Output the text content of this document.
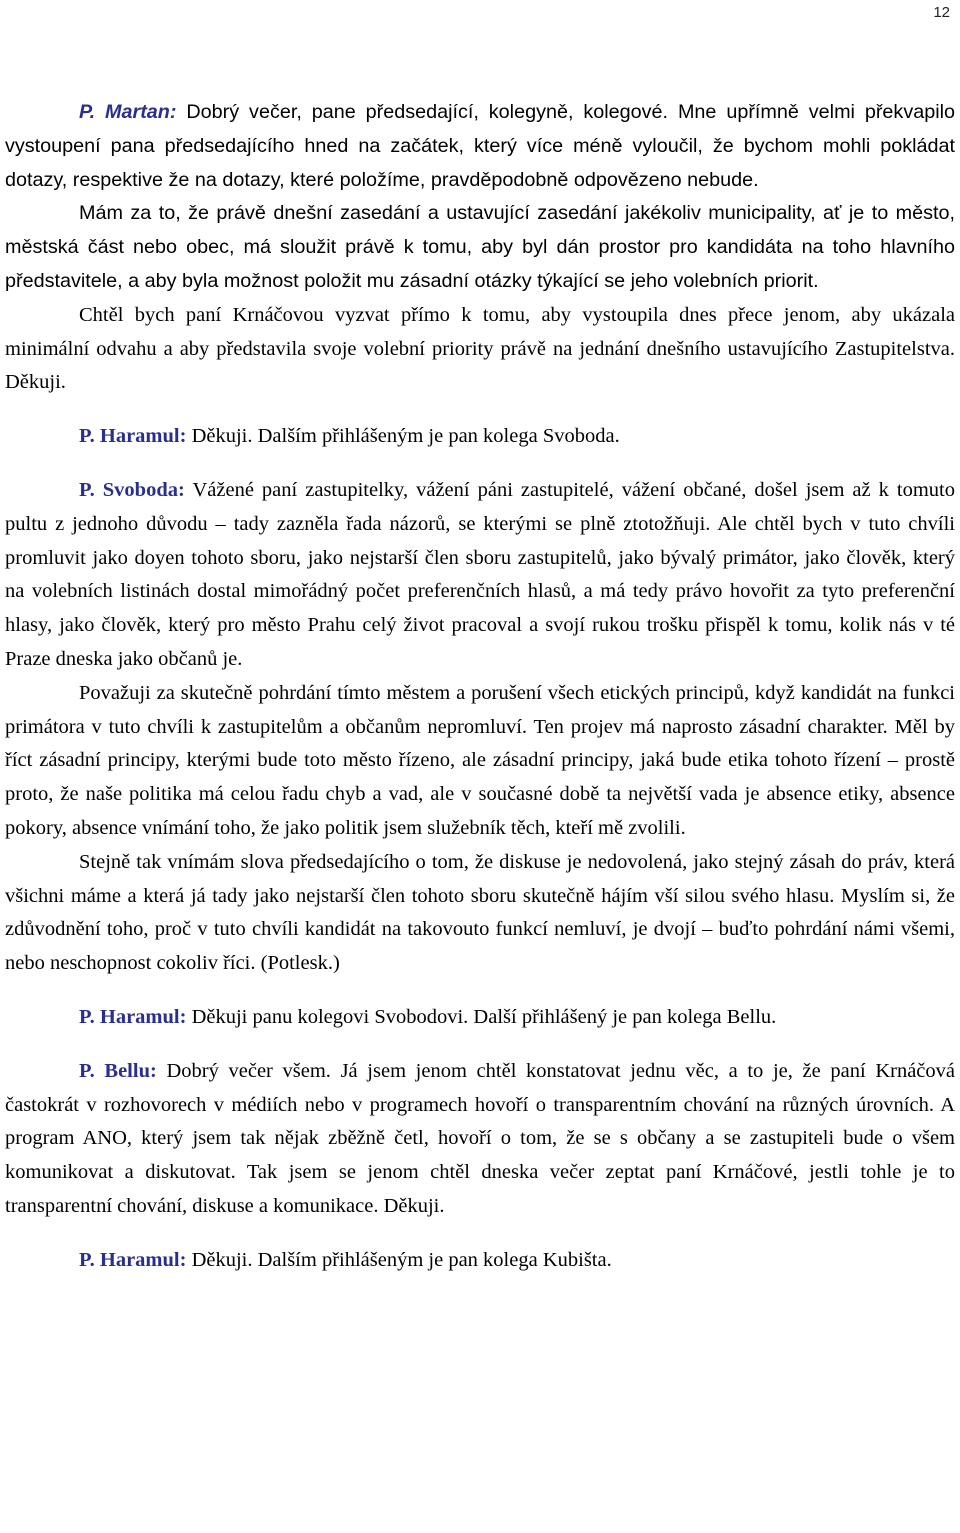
12

P. Martan: Dobrý večer, pane předsedající, kolegyně, kolegové. Mne upřímně velmi překvapilo vystoupení pana předsedajícího hned na začátek, který více méně vyloučil, že bychom mohli pokládat dotazy, respektive že na dotazy, které položíme, pravděpodobně odpovězeno nebude.

Mám za to, že právě dnešní zasedání a ustavující zasedání jakékoliv municipality, ať je to město, městská část nebo obec, má sloužit právě k tomu, aby byl dán prostor pro kandidáta na toho hlavního představitele, a aby byla možnost položit mu zásadní otázky týkající se jeho volebních priorit.

Chtěl bych paní Krnáčovou vyzvat přímo k tomu, aby vystoupila dnes přece jenom, aby ukázala minimální odvahu a aby představila svoje volební priority právě na jednání dnešního ustavujícího Zastupitelstva. Děkuji.

P. Haramul: Děkuji. Dalším přihlášeným je pan kolega Svoboda.

P. Svoboda: Vážené paní zastupitelky, vážení páni zastupitelé, vážení občané, došel jsem až k tomuto pultu z jednoho důvodu – tady zazněla řada názorů, se kterými se plně ztotožňuji. Ale chtěl bych v tuto chvíli promluvit jako doyen tohoto sboru, jako nejstarší člen sboru zastupitelů, jako bývalý primátor, jako člověk, který na volebních listinách dostal mimořádný počet preferenčních hlasů, a má tedy právo hovořit za tyto preferenční hlasy, jako člověk, který pro město Prahu celý život pracoval a svojí rukou trošku přispěl k tomu, kolik nás v té Praze dneska jako občanů je.

Považuji za skutečně pohrdání tímto městem a porušení všech etických principů, když kandidát na funkci primátora v tuto chvíli k zastupitelům a občanům nepromluví. Ten projev má naprosto zásadní charakter. Měl by říct zásadní principy, kterými bude toto město řízeno, ale zásadní principy, jaká bude etika tohoto řízení – prostě proto, že naše politika má celou řadu chyb a vad, ale v současné době ta největší vada je absence etiky, absence pokory, absence vnímání toho, že jako politik jsem služebník těch, kteří mě zvolili.

Stejně tak vnímám slova předsedajícího o tom, že diskuse je nedovolená, jako stejný zásah do práv, která všichni máme a která já tady jako nejstarší člen tohoto sboru skutečně hájím vší silou svého hlasu. Myslím si, že zdůvodnění toho, proč v tuto chvíli kandidát na takovouto funkcí nemluví, je dvojí – buďto pohrdání námi všemi, nebo neschopnost cokoliv říci. (Potlesk.)

P. Haramul: Děkuji panu kolegovi Svobodovi. Další přihlášený je pan kolega Bellu.

P. Bellu: Dobrý večer všem. Já jsem jenom chtěl konstatovat jednu věc, a to je, že paní Krnáčová častokrát v rozhovorech v médiích nebo v programech hovoří o transparentním chování na různých úrovních. A program ANO, který jsem tak nějak zběžně četl, hovoří o tom, že se s občany a se zastupiteli bude o všem komunikovat a diskutovat. Tak jsem se jenom chtěl dneska večer zeptat paní Krnáčové, jestli tohle je to transparentní chování, diskuse a komunikace. Děkuji.

P. Haramul: Děkuji. Dalším přihlášeným je pan kolega Kubišta.
